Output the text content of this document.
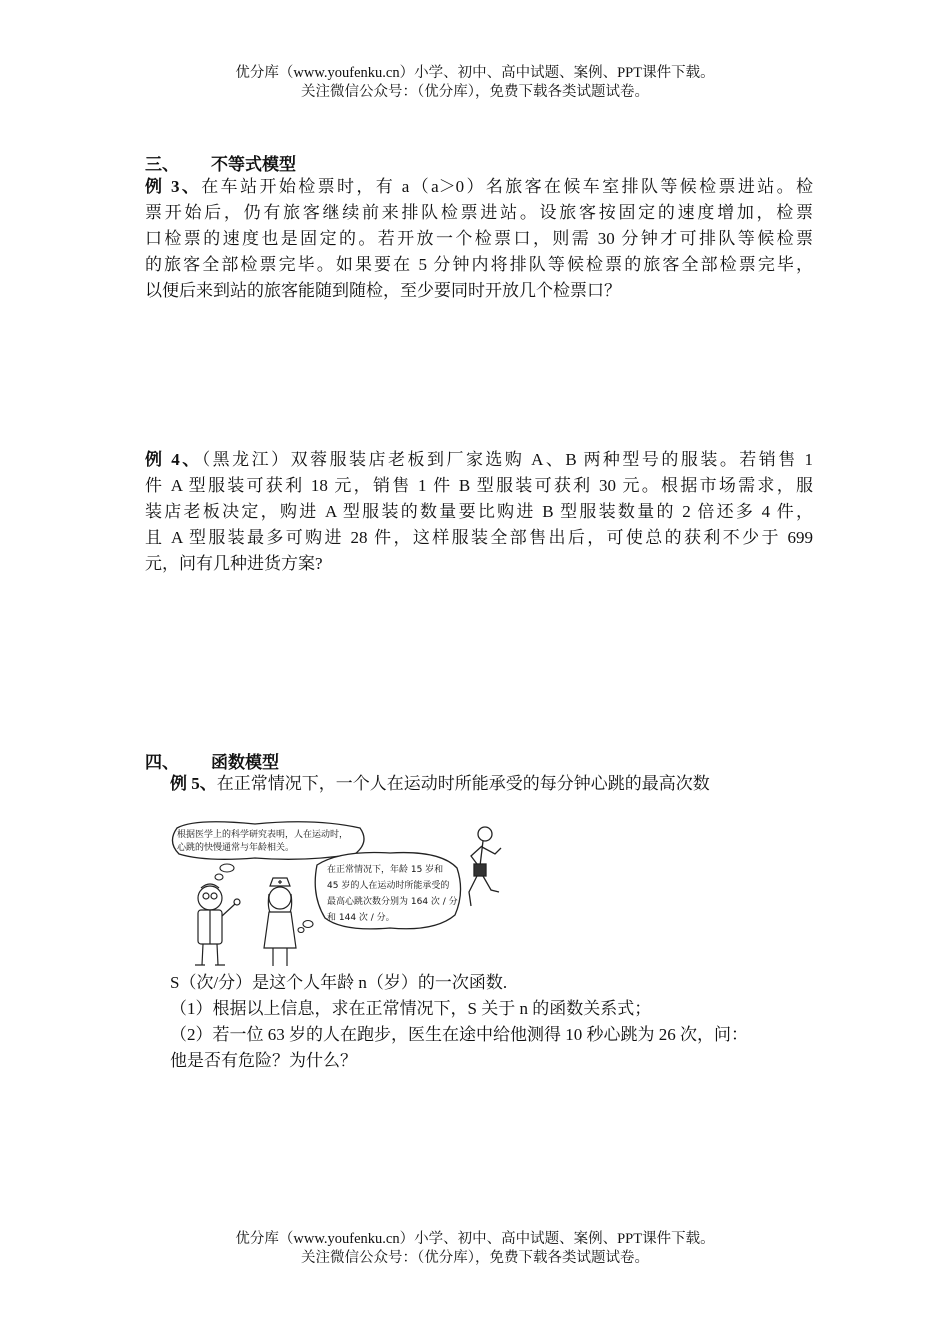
优分库（www.youfenku.cn）小学、初中、高中试题、案例、PPT课件下载。
关注微信公众号：（优分库），免费下载各类试题试卷。
三、 不等式模型
例 3、在车站开始检票时，有 a（a＞0）名旅客在候车室排队等候检票进站。检
票开始后，仍有旅客继续前来排队检票进站。设旅客按固定的速度增加，检票
口检票的速度也是固定的。若开放一个检票口，则需 30 分钟才可排队等候检票
的旅客全部检票完毕。如果要在 5 分钟内将排队等候检票的旅客全部检票完毕，
以便后来到站的旅客能随到随检，至少要同时开放几个检票口？
例 4、（黑龙江）双蓉服装店老板到厂家选购 A、B 两种型号的服装。若销售 1
件 A 型服装可获利 18 元，销售 1 件 B 型服装可获利 30 元。根据市场需求，服
装店老板决定，购进 A 型服装的数量要比购进 B 型服装数量的 2 倍还多 4 件，
且 A 型服装最多可购进 28 件，这样服装全部售出后，可使总的获利不少于 699
元，问有几种进货方案?
四、 函数模型
例 5、在正常情况下，一个人在运动时所能承受的每分钟心跳的最高次数
根据医学上的科学研究表明，人在运动时，
心跳的快慢通常与年龄相关。
在正常情况下，年龄 15 岁和
45 岁的人在运动时所能承受的
最高心跳次数分别为 164 次 / 分
和 144 次 / 分。
S（次/分）是这个人年龄 n（岁）的一次函数.
（1）根据以上信息，求在正常情况下，S 关于 n 的函数关系式；
（2）若一位 63 岁的人在跑步，医生在途中给他测得 10 秒心跳为 26 次，问：
他是否有危险？为什么？
优分库（www.youfenku.cn）小学、初中、高中试题、案例、PPT课件下载。
关注微信公众号：（优分库），免费下载各类试题试卷。
